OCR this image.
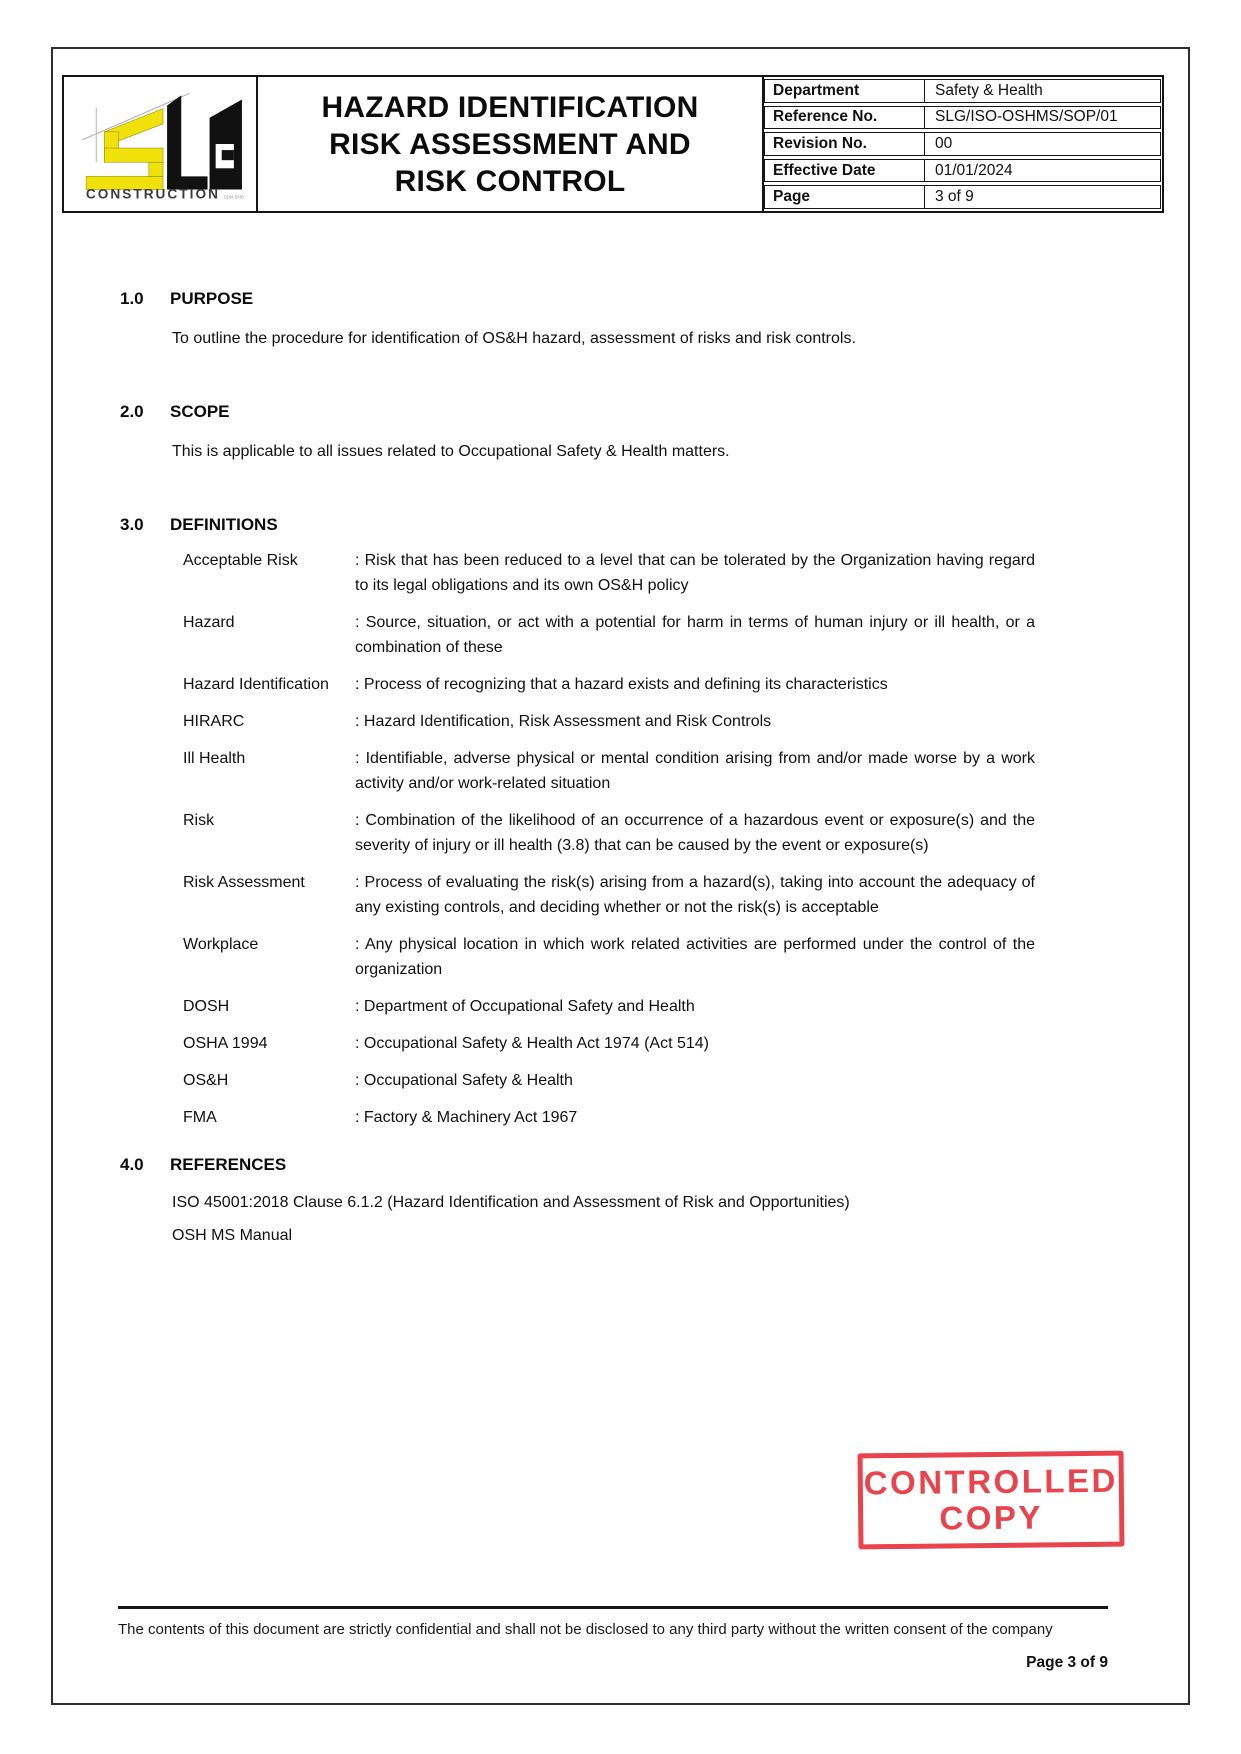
CONSTRUCTION SDN BHD
HAZARD IDENTIFICATION
RISK ASSESSMENT AND
RISK CONTROL
Department	Safety & Health
Reference No.	SLG/ISO-OSHMS/SOP/01
Revision No.	00
Effective Date	01/01/2024
Page	3 of 9
1.0	PURPOSE
To outline the procedure for identification of OS&H hazard, assessment of risks and risk controls.
2.0	SCOPE
This is applicable to all issues related to Occupational Safety & Health matters.
3.0	DEFINITIONS
Acceptable Risk	: Risk that has been reduced to a level that can be tolerated by the Organization having regard to its legal obligations and its own OS&H policy
Hazard	: Source, situation, or act with a potential for harm in terms of human injury or ill health, or a combination of these
Hazard Identification	: Process of recognizing that a hazard exists and defining its characteristics
HIRARC	: Hazard Identification, Risk Assessment and Risk Controls
Ill Health	: Identifiable, adverse physical or mental condition arising from and/or made worse by a work activity and/or work-related situation
Risk	: Combination of the likelihood of an occurrence of a hazardous event or exposure(s) and the severity of injury or ill health (3.8) that can be caused by the event or exposure(s)
Risk Assessment	: Process of evaluating the risk(s) arising from a hazard(s), taking into account the adequacy of any existing controls, and deciding whether or not the risk(s) is acceptable
Workplace	: Any physical location in which work related activities are performed under the control of the organization
DOSH	: Department of Occupational Safety and Health
OSHA 1994	: Occupational Safety & Health Act 1974 (Act 514)
OS&H	: Occupational Safety & Health
FMA	: Factory & Machinery Act 1967
4.0	REFERENCES
ISO 45001:2018 Clause 6.1.2 (Hazard Identification and Assessment of Risk and Opportunities)
OSH MS Manual
CONTROLLED
COPY
The contents of this document are strictly confidential and shall not be disclosed to any third party without the written consent of the company
Page 3 of 9
